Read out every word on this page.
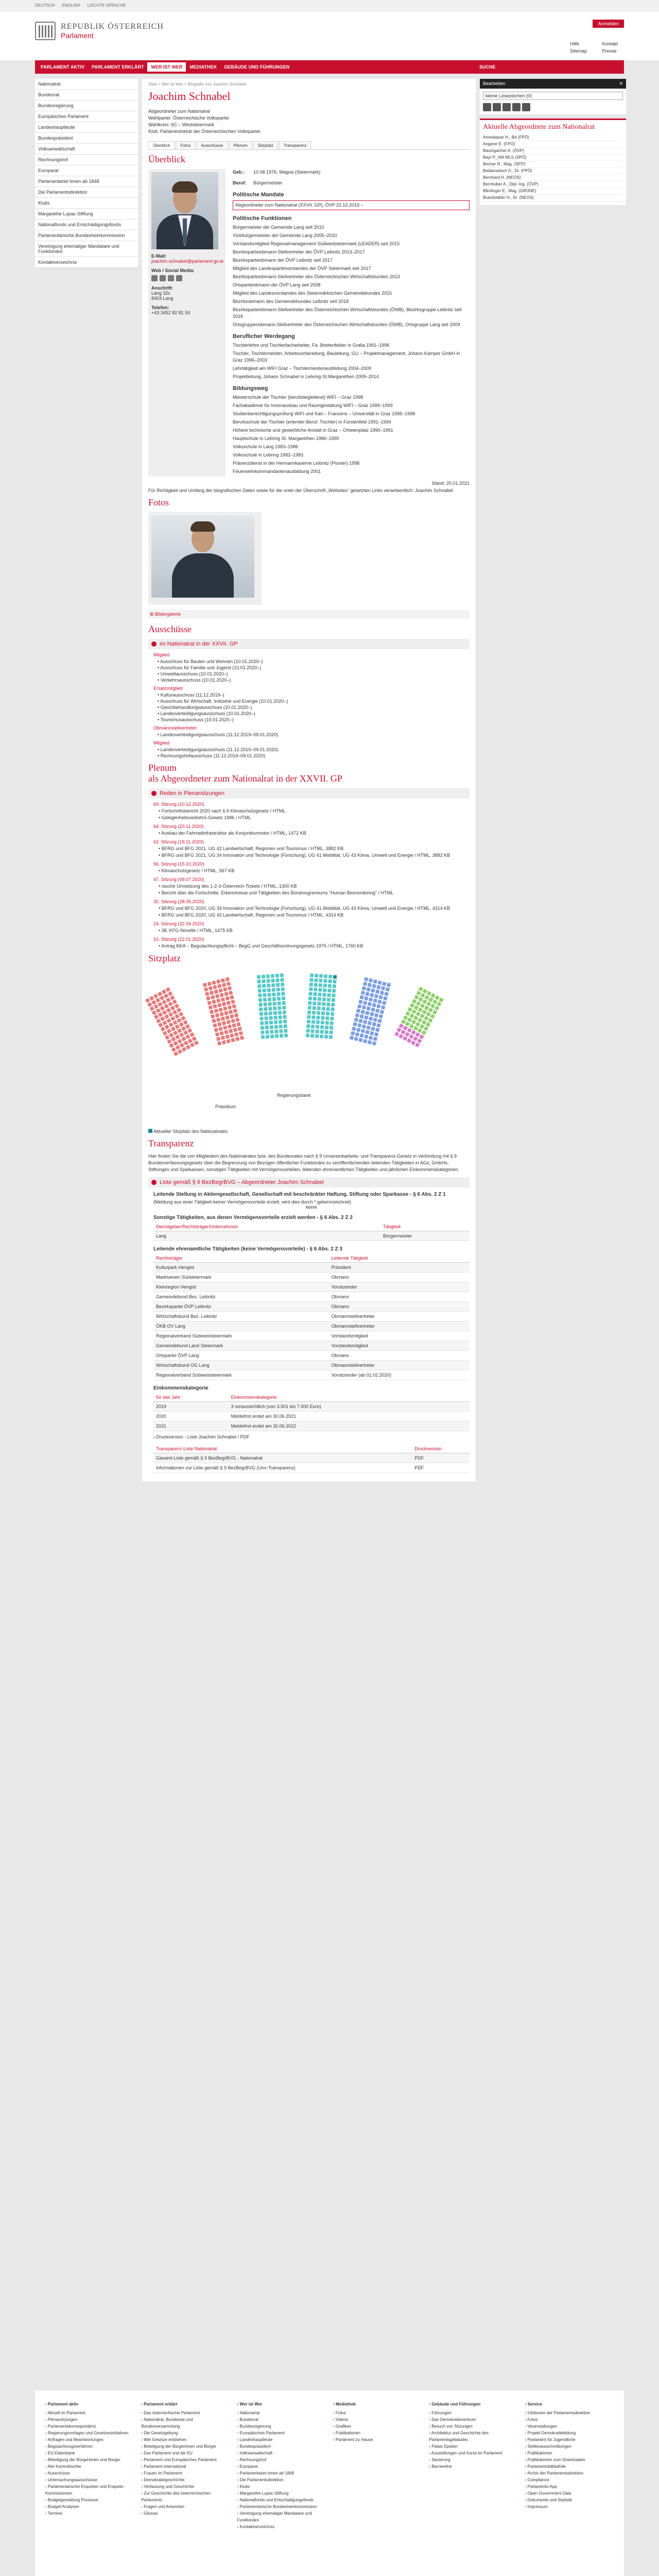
DEUTSCH ENGLISH LEICHTE SPRACHE
REPUBLIK ÖSTERREICH
Parlament
Anmelden
Hilfe
Sitemap
Kontakt
Presse
PARLAMENT AKTIV	PARLAMENT ERKLÄRT	WER IST WER	MEDIATHEK	GEBÄUDE UND FÜHRUNGEN	SUCHE
Nationalrat
Bundesrat
Bundesregierung
Europäisches Parlament
Landeshauptleute
Bundespräsident
Volksanwaltschaft
Rechnungshof
Europarat
Parlamentarier:innen ab 1848
Die Parlamentsdirektion
Klubs
Margarethe Lupac-Stiftung
Nationalfonds und Entschädigungsfonds
Parlamentarische Bundesheerkommission
Vereinigung ehemaliger Mandatare und Funktionäre
Kontaktverzeichnis
Start > Wer ist Wer > Biografie von Joachim Schnabel
Joachim Schnabel
Abgeordneter zum Nationalrat
Wahlpartei: Österreichische Volkspartei
Wahlkreis: 6C – Weststeiermark
Klub: Parlamentsklub der Österreichischen Volkspartei
Überblick	Fotos	Ausschüsse	Plenum	Sitzplatz	Transparenz
Überblick
E-Mail:
joachim.schnabel@parlament.gv.at
Web / Social Media:
Anschrift:
Lang 32c
8403 Lang
Telefon:
+43 3452 82 81 50
Geb.:	10.08.1976, Wagna (Steiermark)
Beruf:	Bürgermeister
Politische Mandate
Abgeordneter zum Nationalrat (XXVII. GP), ÖVP 23.10.2019 –
Politische Funktionen
Bürgermeister der Gemeinde Lang seit 2010
Vizebürgermeister der Gemeinde Lang 2005–2010
Vorstandsmitglied Regionalmanagement Südweststeiermark (LEADER) seit 2015
Bezirksparteiobmann-Stellvertreter der ÖVP Leibnitz 2013–2017
Bezirksparteiobmann der ÖVP Leibnitz seit 2017
Mitglied des Landesparteivorstandes der ÖVP Steiermark seit 2017
Bezirksparteiobmann-Stellvertreter des Österreichischen Wirtschaftsbundes 2013
Ortsparteiobmann der ÖVP Lang seit 2008
Mitglied des Landesvorstandes des Steiermärkischen Gemeindebundes 2015
Bezirksobmann des Gemeindebundes Leibnitz seit 2018
Bezirksparteiobmann-Stellvertreter des Österreichischen Wirtschaftsbundes (ÖWB), Bezirksgruppe Leibnitz seit 2018
Ortsgruppenobmann-Stellvertreter des Österreichischen Wirtschaftsbundes (ÖWB), Ortsgruppe Lang seit 2009
Beruflicher Werdegang
Tischlerlehre und Tischlerfacharbeiter, Fa. Breitenfelder in Gralla 1991–1996
Tischler, Tischlermeister, Arbeitsvorbereitung, Bauleitung, GU – Projektmanagement, Johann Kamper GmbH in Graz 1996–2003
Lehrtätigkeit am WIFI Graz – Tischlermeisterausbildung 2004–2009
Projektleitung, Johann Schnabel in Lebring-St.Margarethen 2009–2014
Bildungsweg
Meisterschule der Tischler (berufsbegleitend) WIFI – Graz 1998
Fachakademie für Innenausbau und Raumgestaltung WIFI – Graz 1999–1999
Studienberechtigungsprüfung WIFI und Karl – Franzens – Universität in Graz 1995–1998
Berufsschule der Tischler (erlernter Beruf: Tischler) in Fürstenfeld 1991–1994
Höhere technische und gewerbliche Anstalt in Graz – Ortweinplatz 1990–1991
Hauptschule in Lebring St. Margarethen 1986–1990
Volksschule in Lang 1983–1986
Volksschule in Lebring 1982–1983
Präsenzdienst in der Hermannkaserne Leibnitz (Pionier) 1998
Feuerwehrkommandantenausbildung 2001
Stand: 20.01.2021
Für Richtigkeit und Umfang der biografischen Daten sowie für die unter der Überschrift „Websites“ gesetzten Links verantwortlich: Joachim Schnabel
Fotos
⊞ Bildergalerie
Ausschüsse
im Nationalrat in der XXVII. GP
Mitglied
• Ausschuss für Bauten und Wohnen (10.01.2020–)
• Ausschuss für Familie und Jugend (10.01.2020–)
• Umweltausschuss (10.01.2020–)
• Verkehrsausschuss (10.01.2020–)
Ersatzmitglied
• Kulturausschuss (11.12.2019–)
• Ausschuss für Wirtschaft, Industrie und Energie (10.01.2020–)
• Gleichbehandlungsausschuss (10.01.2020–)
• Landesverteidigungsausschuss (10.01.2020–)
• Tourismusausschuss (10.01.2020–)
Obmannstellvertreter
• Landesverteidigungsausschuss (11.12.2019–09.01.2020)
Mitglied
• Landesverteidigungsausschuss (11.12.2019–09.01.2020)
• Rechnungshofausschuss (11.12.2019–09.01.2020)
Plenum
als Abgeordneter zum Nationalrat in der XXVII. GP
Reden in Plenarsitzungen
69. Sitzung (10.12.2020)
• Fortschrittsbericht 2020 nach § 6 Klimaschutzgesetz / HTML
• Gelegenheitsverkehrs-Gesetz 1996 / HTML
64. Sitzung (20.11.2020)
• Ausbau der Fahrradinfrastruktur als Konjunkturmotor / HTML, 1472 KB
62. Sitzung (19.11.2020)
• BFRG und BFG 2021, UG 42 Landwirtschaft, Regionen und Tourismus / HTML, 3882 KB
• BFRG und BFG 2021, UG 34 Innovation und Technologie (Forschung), UG 41 Mobilität, UG 43 Klima, Umwelt und Energie / HTML, 3882 KB
56. Sitzung (15.10.2020)
• Klimaschutzgesetz / HTML, 567 KB
47. Sitzung (09.07.2020)
• rasche Umsetzung des 1-2-3-Österreich-Tickets / HTML, 1300 KB
• Bericht über die Fortschritte, Erkenntnisse und Tätigkeiten des Bündnisgremiums "Human Biomonitoring" / HTML
32. Sitzung (28.05.2020)
• BFRG und BFG 2020, UG 34 Innovation und Technologie (Forschung), UG 41 Mobilität, UG 43 Klima, Umwelt und Energie / HTML, 4314 KB
• BFRG und BFG 2020, UG 42 Landwirtschaft, Regionen und Tourismus / HTML, 4314 KB
24. Sitzung (22.04.2020)
• 38. KFG-Novelle / HTML, 1475 KB
10. Sitzung (22.01.2020)
• Antrag 84/A – Begutachtungspflicht – BegG und Geschäftsordnungsgesetz 1975 / HTML, 1760 KB
Sitzplatz
Regierungsbank
Präsidium
Aktueller Sitzplatz des Nationalrates
Transparenz
Hier finden Sie die von Mitgliedern des Nationalrates bzw. des Bundesrates nach § 9 Unvereinbarkeits- und Transparenz-Gesetz in Verbindung mit § 9 Bundesverfassungsgesetz über die Begrenzung von Bezügen öffentlicher Funktionäre zu veröffentlichenden leitenden Tätigkeiten in AGs, GmbHs, Stiftungen und Sparkassen, sonstigen Tätigkeiten mit Vermögensvorteilen, leitenden ehrenamtlichen Tätigkeiten und jährlichen Einkommenskategorien.
Liste gemäß § 9 BezBegrBVG – Abgeordneter Joachim Schnabel
Leitende Stellung in Aktiengesellschaft, Gesellschaft mit beschränkter Haftung, Stiftung oder Sparkasse - § 6 Abs. 2 Z 1
(Meldung aus einer Tätigkeit keiner Vermögensvorteile erzielt, wird dies durch * gekennzeichnet)
keine
Sonstige Tätigkeiten, aus denen Vermögensvorteile erzielt werden - § 6 Abs. 2 Z 2
Dienstgeber/Rechtsträger/Unternehmen	Tätigkeit
Lang	Bürgermeister
Leitende ehrenamtliche Tätigkeiten (keine Vermögensvorteile) - § 6 Abs. 2 Z 3
Rechtsträger	Leitende Tätigkeit
Kulturpark Hengist	Präsident
Marktverein Südsteiermark	Obmann
Kleinregion Hengist	Vorsitzender
Gemeindebund Bez. Leibnitz	Obmann
Bezirkspartei ÖVP Leibnitz	Obmann
Wirtschaftsbund Bez. Leibnitz	Obmannstellvertreter
ÖKB OV Lang	Obmannstellvertreter
Regionalverband Südweststeiermark	Vorstandsmitglied
Gemeindebund Land Steiermark	Vorstandsmitglied
Ortspartei ÖVP Lang	Obmann
Wirtschaftsbund OG Lang	Obmannstellvertreter
Regionalverband Südweststeiermark	Vorsitzender (ab 01.02.2020)
Einkommenskategorie
für das Jahr	Einkommenskategorie
2019	3 voraussichtlich (von 3.501 bis 7.000 Euro)
2020	Meldefrist endet am 30.06.2021
2021	Meldefrist endet am 30.06.2022
› Druckversion - Liste Joachim Schnabel / PDF
Transparenz-Liste Nationalrat	Druckversion
Gesamt-Liste gemäß § 9 BezBegrBVG - Nationalrat	PDF
Informationen zur Liste gemäß § 9 BezBegrBVG (Unv-Transparenz)	PDF
Bearbeiten	✕
kleine Lesezeichen (0)
Aktuelle Abgeordnete zum Nationalrat
Amesbauer H., BA (FPÖ)
Angerer E. (FPÖ)
Baumgartner A. (ÖVP)
Bayr P., MA MLS (SPÖ)
Becher R., Mag. (SPÖ)
Belakowitsch D., Dr. (FPÖ)
Bernhard H. (NEOS)
Bernhuber A., Dipl.-Ing. (ÖVP)
Blimlinger E., Mag. (GRÜNE)
Brandstätter H., Dr. (NEOS)
› Parlament aktiv
› Aktuell im Parlament
› Plenarsitzungen
› Parlamentskorrespondenz
› Regierungsvorlagen und Gesetzesinitiativen
› Anfragen und Beantwortungen
› Begutachtungsverfahren
› EU-Datenbank
› Beteiligung der Bürgerinnen und Bürger
› Alle Kontrollrechte
› Ausschüsse
› Untersuchungsausschüsse
› Parlamentarische Enqueten und Enquete-Kommissionen
› Budgetgestaltung Prozesse
› Budget-Analysen
› Termine
› Parlament erklärt
› Das österreichische Parlament
› Nationalrat, Bundesrat und Bundesversammlung
› Die Gesetzgebung
› Wie Gesetze entstehen
› Beteiligung der Bürgerinnen und Bürger
› Das Parlament und die EU
› Parlament und Europäisches Parlament
› Parlament international
› Frauen im Parlament
› Demokratiegeschichte
› Verfassung und Geschichte
› Zur Geschichte des österreichischen Parlaments
› Fragen und Antworten
› Glossar
› Wer ist Wer
› Nationalrat
› Bundesrat
› Bundesregierung
› Europäisches Parlament
› Landeshauptleute
› Bundespräsident
› Volksanwaltschaft
› Rechnungshof
› Europarat
› Parlamentarier:innen ab 1848
› Die Parlamentsdirektion
› Klubs
› Margarethe Lupac-Stiftung
› Nationalfonds und Entschädigungsfonds
› Parlamentarische Bundesheerkommission
› Vereinigung ehemaliger Mandatare und Funktionäre
› Kontaktverzeichnis
› Mediathek
› Fotos
› Videos
› Grafiken
› Publikationen
› Parlament zu Hause
› Gebäude und Führungen
› Führungen
› Das Demokratiezentrum
› Besuch von Sitzungen
› Architektur und Geschichte des Parlamentsgebäudes
› Palais Epstein
› Ausstellungen und Kunst im Parlament
› Sanierung
› Barrierefrei
› Service
› Infoboxen der Parlamentsdirektion
› Fotos
› Veranstaltungen
› Projekt Demokratiebildung
› Parlament für Jugendliche
› Stellenausschreibungen
› Publikationen
› Publikationen zum Downloaden
› Parlamentsbibliothek
› Archiv der Parlamentsdirektion
› Compliance
› Parlaments-App
› Open Government Data
› Dokumente und Statistik
› Impressum
